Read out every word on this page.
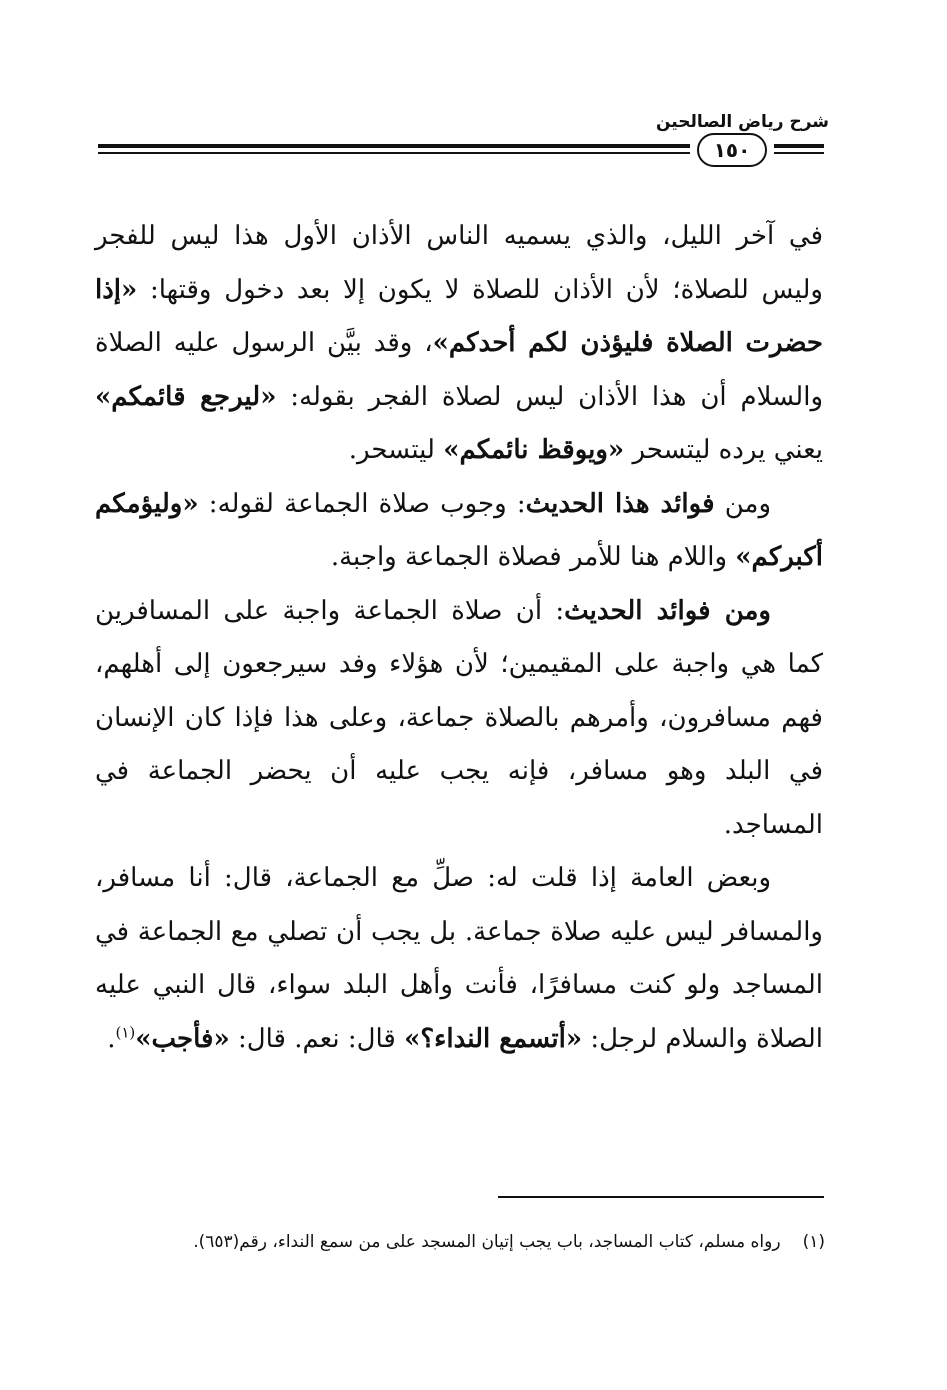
شرح رياض الصالحين
١٥٠

في آخر الليل، والذي يسميه الناس الأذان الأول هذا ليس للفجر وليس للصلاة؛ لأن الأذان للصلاة لا يكون إلا بعد دخول وقتها: «إذا حضرت الصلاة فليؤذن لكم أحدكم»، وقد بيَّن الرسول عليه الصلاة والسلام أن هذا الأذان ليس لصلاة الفجر بقوله: «ليرجع قائمكم» يعني يرده ليتسحر «ويوقظ نائمكم» ليتسحر.

ومن فوائد هذا الحديث: وجوب صلاة الجماعة لقوله: «وليؤمكم أكبركم» واللام هنا للأمر فصلاة الجماعة واجبة.

ومن فوائد الحديث: أن صلاة الجماعة واجبة على المسافرين كما هي واجبة على المقيمين؛ لأن هؤلاء وفد سيرجعون إلى أهلهم، فهم مسافرون، وأمرهم بالصلاة جماعة، وعلى هذا فإذا كان الإنسان في البلد وهو مسافر، فإنه يجب عليه أن يحضر الجماعة في المساجد.

وبعض العامة إذا قلت له: صلِّ مع الجماعة، قال: أنا مسافر، والمسافر ليس عليه صلاة جماعة. بل يجب أن تصلي مع الجماعة في المساجد ولو كنت مسافرًا، فأنت وأهل البلد سواء، قال النبي عليه الصلاة والسلام لرجل: «أتسمع النداء؟» قال: نعم. قال: «فأجب»$^{(١)}$.

(١)رواه مسلم، كتاب المساجد، باب يجب إتيان المسجد على من سمع النداء، رقم(٦٥٣).
